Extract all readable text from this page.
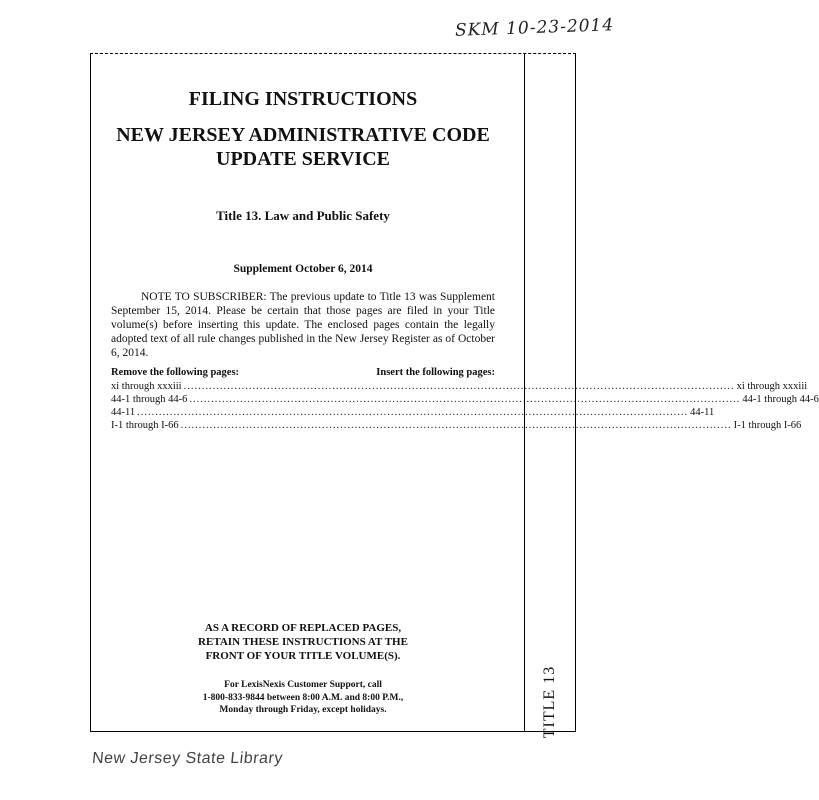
SKM 10-23-2014
FILING INSTRUCTIONS
NEW JERSEY ADMINISTRATIVE CODE
UPDATE SERVICE
Title 13. Law and Public Safety
Supplement October 6, 2014
NOTE TO SUBSCRIBER: The previous update to Title 13 was Supplement September 15, 2014. Please be certain that those pages are filed in your Title volume(s) before inserting this update. The enclosed pages contain the legally adopted text of all rule changes published in the New Jersey Register as of October 6, 2014.
Remove the following pages:	Insert the following pages:
xi through xxxiii ........................................................................................................................................................ xi through xxxiii
44-1 through 44-6 ........................................................................................................................................................ 44-1 through 44-6
44-11 ........................................................................................................................................................ 44-11
I-1 through I-66 ........................................................................................................................................................ I-1 through I-66
AS A RECORD OF REPLACED PAGES,
RETAIN THESE INSTRUCTIONS AT THE
FRONT OF YOUR TITLE VOLUME(S).
For LexisNexis Customer Support, call
1-800-833-9844 between 8:00 A.M. and 8:00 P.M.,
Monday through Friday, except holidays.	TITLE 13
New Jersey State Library
